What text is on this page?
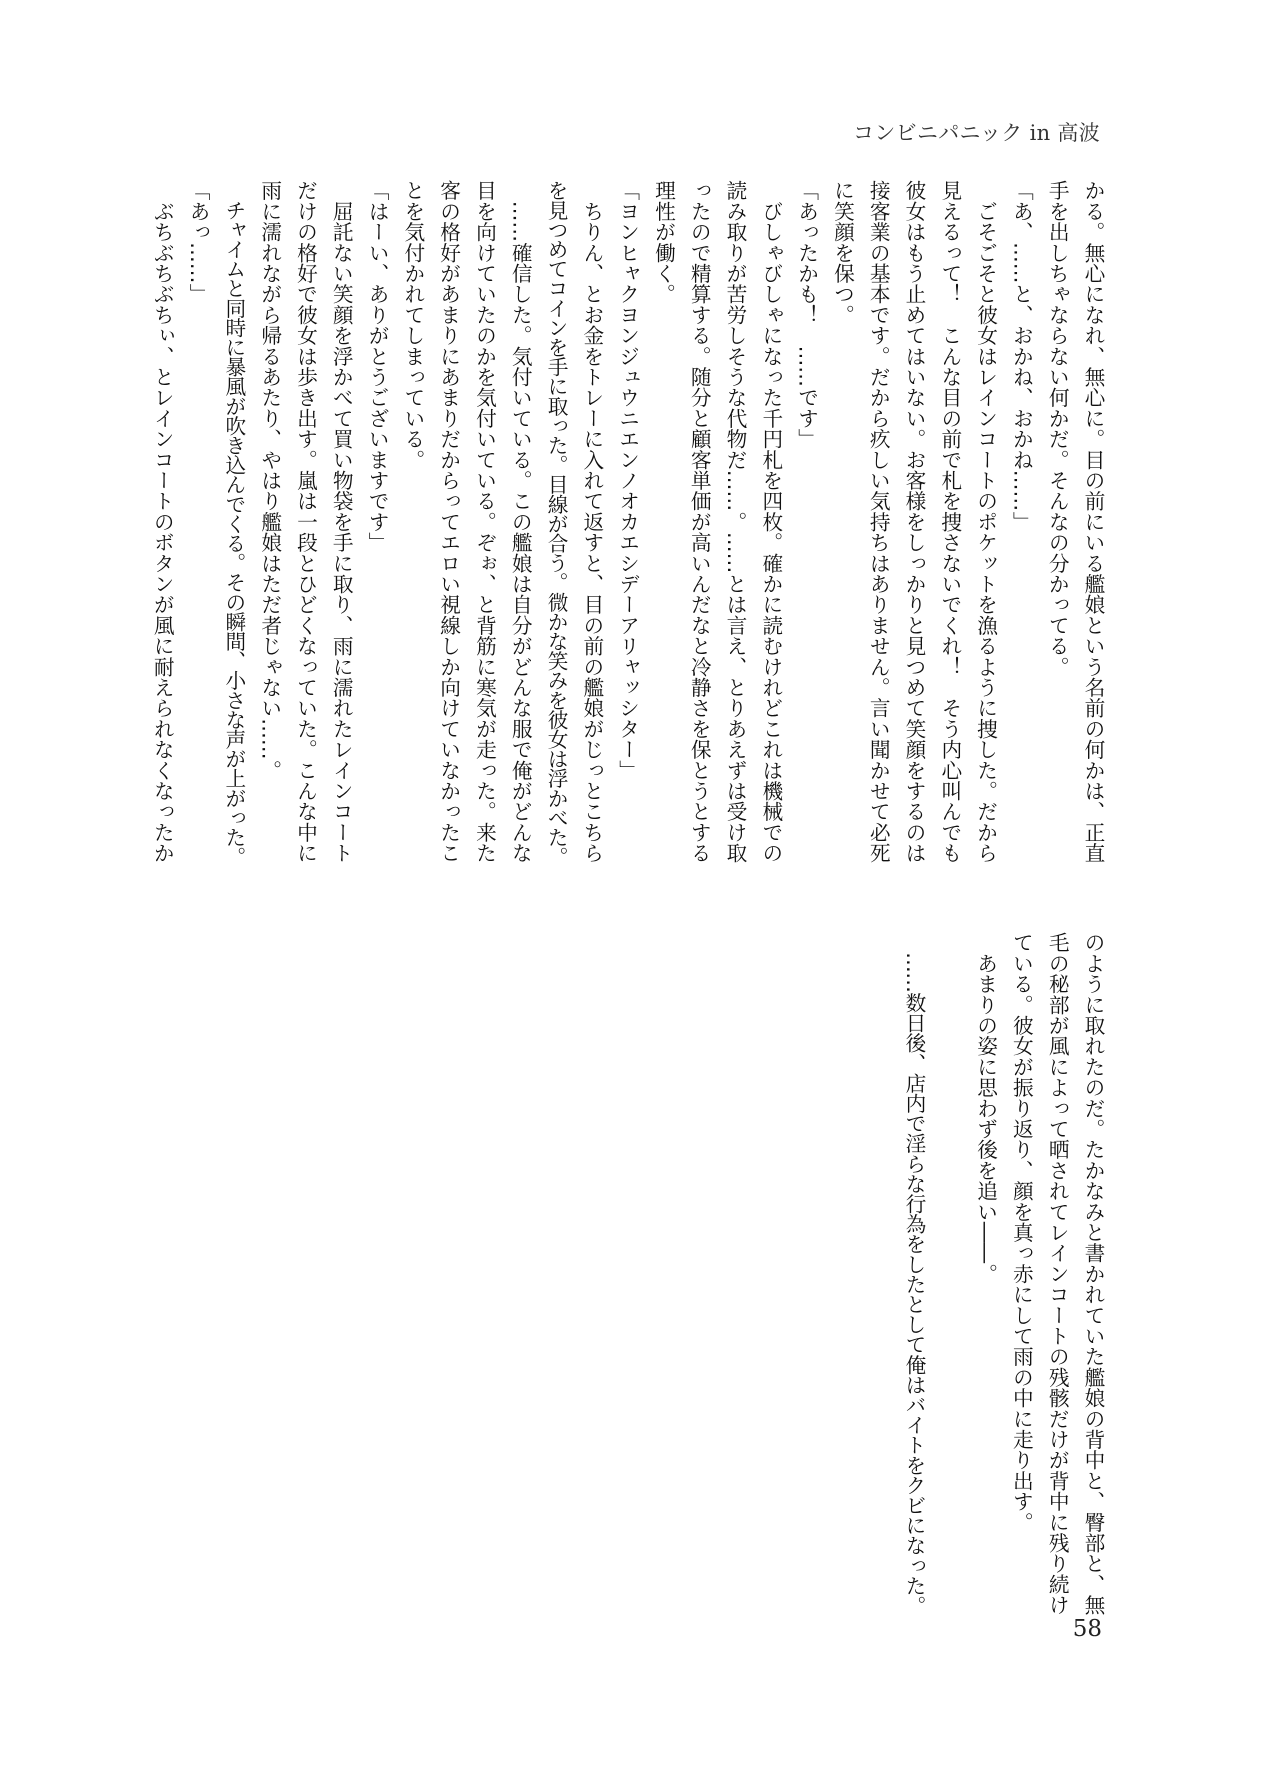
コンビニパニック in 高波
かる。無心になれ、無心に。目の前にいる艦娘という名前の何かは、正直
手を出しちゃならない何かだ。そんなの分かってる。
「あ、……と、おかね、おかね……」
　ごそごそと彼女はレインコートのポケットを漁るように捜した。だから
見えるって！　こんな目の前で札を捜さないでくれ！　そう内心叫んでも
彼女はもう止めてはいない。お客様をしっかりと見つめて笑顔をするのは
接客業の基本です。だから疚しい気持ちはありません。言い聞かせて必死
に笑顔を保つ。
「あったかも！　……です」
　びしゃびしゃになった千円札を四枚。確かに読むけれどこれは機械での
読み取りが苦労しそうな代物だ……。……とは言え、とりあえずは受け取
ったので精算する。随分と顧客単価が高いんだなと冷静さを保とうとする
理性が働く。
「ヨンヒャクヨンジュウニエンノオカエシデーアリャッシター」
　ちりん、とお金をトレーに入れて返すと、目の前の艦娘がじっとこちら
を見つめてコインを手に取った。目線が合う。微かな笑みを彼女は浮かべた。
　……確信した。気付いている。この艦娘は自分がどんな服で俺がどんな
目を向けていたのかを気付いている。ぞぉ、と背筋に寒気が走った。来た
客の格好があまりにあまりだからってエロい視線しか向けていなかったこ
とを気付かれてしまっている。
「はーい、ありがとうございますです」
　屈託ない笑顔を浮かべて買い物袋を手に取り、雨に濡れたレインコート
だけの格好で彼女は歩き出す。嵐は一段とひどくなっていた。こんな中に
雨に濡れながら帰るあたり、やはり艦娘はただ者じゃない……。
　チャイムと同時に暴風が吹き込んでくる。その瞬間、小さな声が上がった。
「あっ……」
　ぶちぶちぶちぃ、とレインコートのボタンが風に耐えられなくなったか
のように取れたのだ。たかなみと書かれていた艦娘の背中と、臀部と、無
毛の秘部が風によって晒されてレインコートの残骸だけが背中に残り続け
ている。彼女が振り返り、顔を真っ赤にして雨の中に走り出す。
　あまりの姿に思わず後を追い――。
　……数日後、店内で淫らな行為をしたとして俺はバイトをクビになった。
58
